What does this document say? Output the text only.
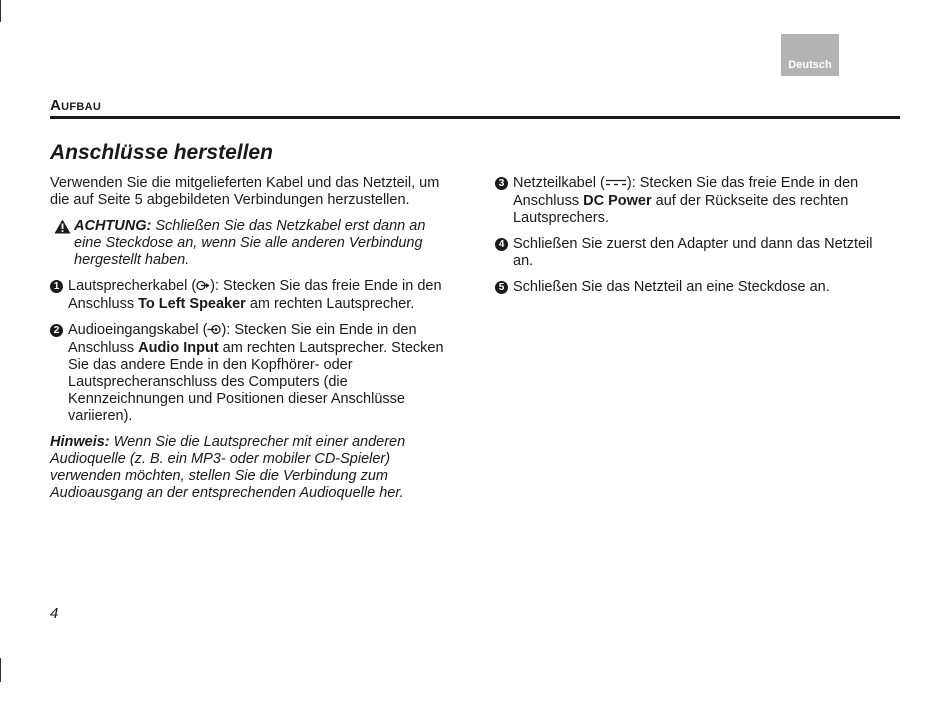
Deutsch
Aufbau
Anschlüsse herstellen

Verwenden Sie die mitgelieferten Kabel und das Netzteil, um die auf Seite 5 abgebildeten Verbindungen herzustellen.

ACHTUNG: Schließen Sie das Netzkabel erst dann an eine Steckdose an, wenn Sie alle anderen Verbindung hergestellt haben.
1 Lautsprecherkabel ( ): Stecken Sie das freie Ende in den Anschluss To Left Speaker am rechten Lautsprecher.
2 Audioeingangskabel ( ): Stecken Sie ein Ende in den Anschluss Audio Input am rechten Lautsprecher. Stecken Sie das andere Ende in den Kopfhörer- oder Lautsprecheranschluss des Computers (die Kennzeichnungen und Positionen dieser Anschlüsse variieren).

Hinweis: Wenn Sie die Lautsprecher mit einer anderen Audioquelle (z. B. ein MP3- oder mobiler CD-Spieler) verwenden möchten, stellen Sie die Verbindung zum Audioausgang an der entsprechenden Audioquelle her.

3 Netzteilkabel ( ): Stecken Sie das freie Ende in den Anschluss DC Power auf der Rückseite des rechten Lautsprechers.
4 Schließen Sie zuerst den Adapter und dann das Netzteil an.
5 Schließen Sie das Netzteil an eine Steckdose an.
4
